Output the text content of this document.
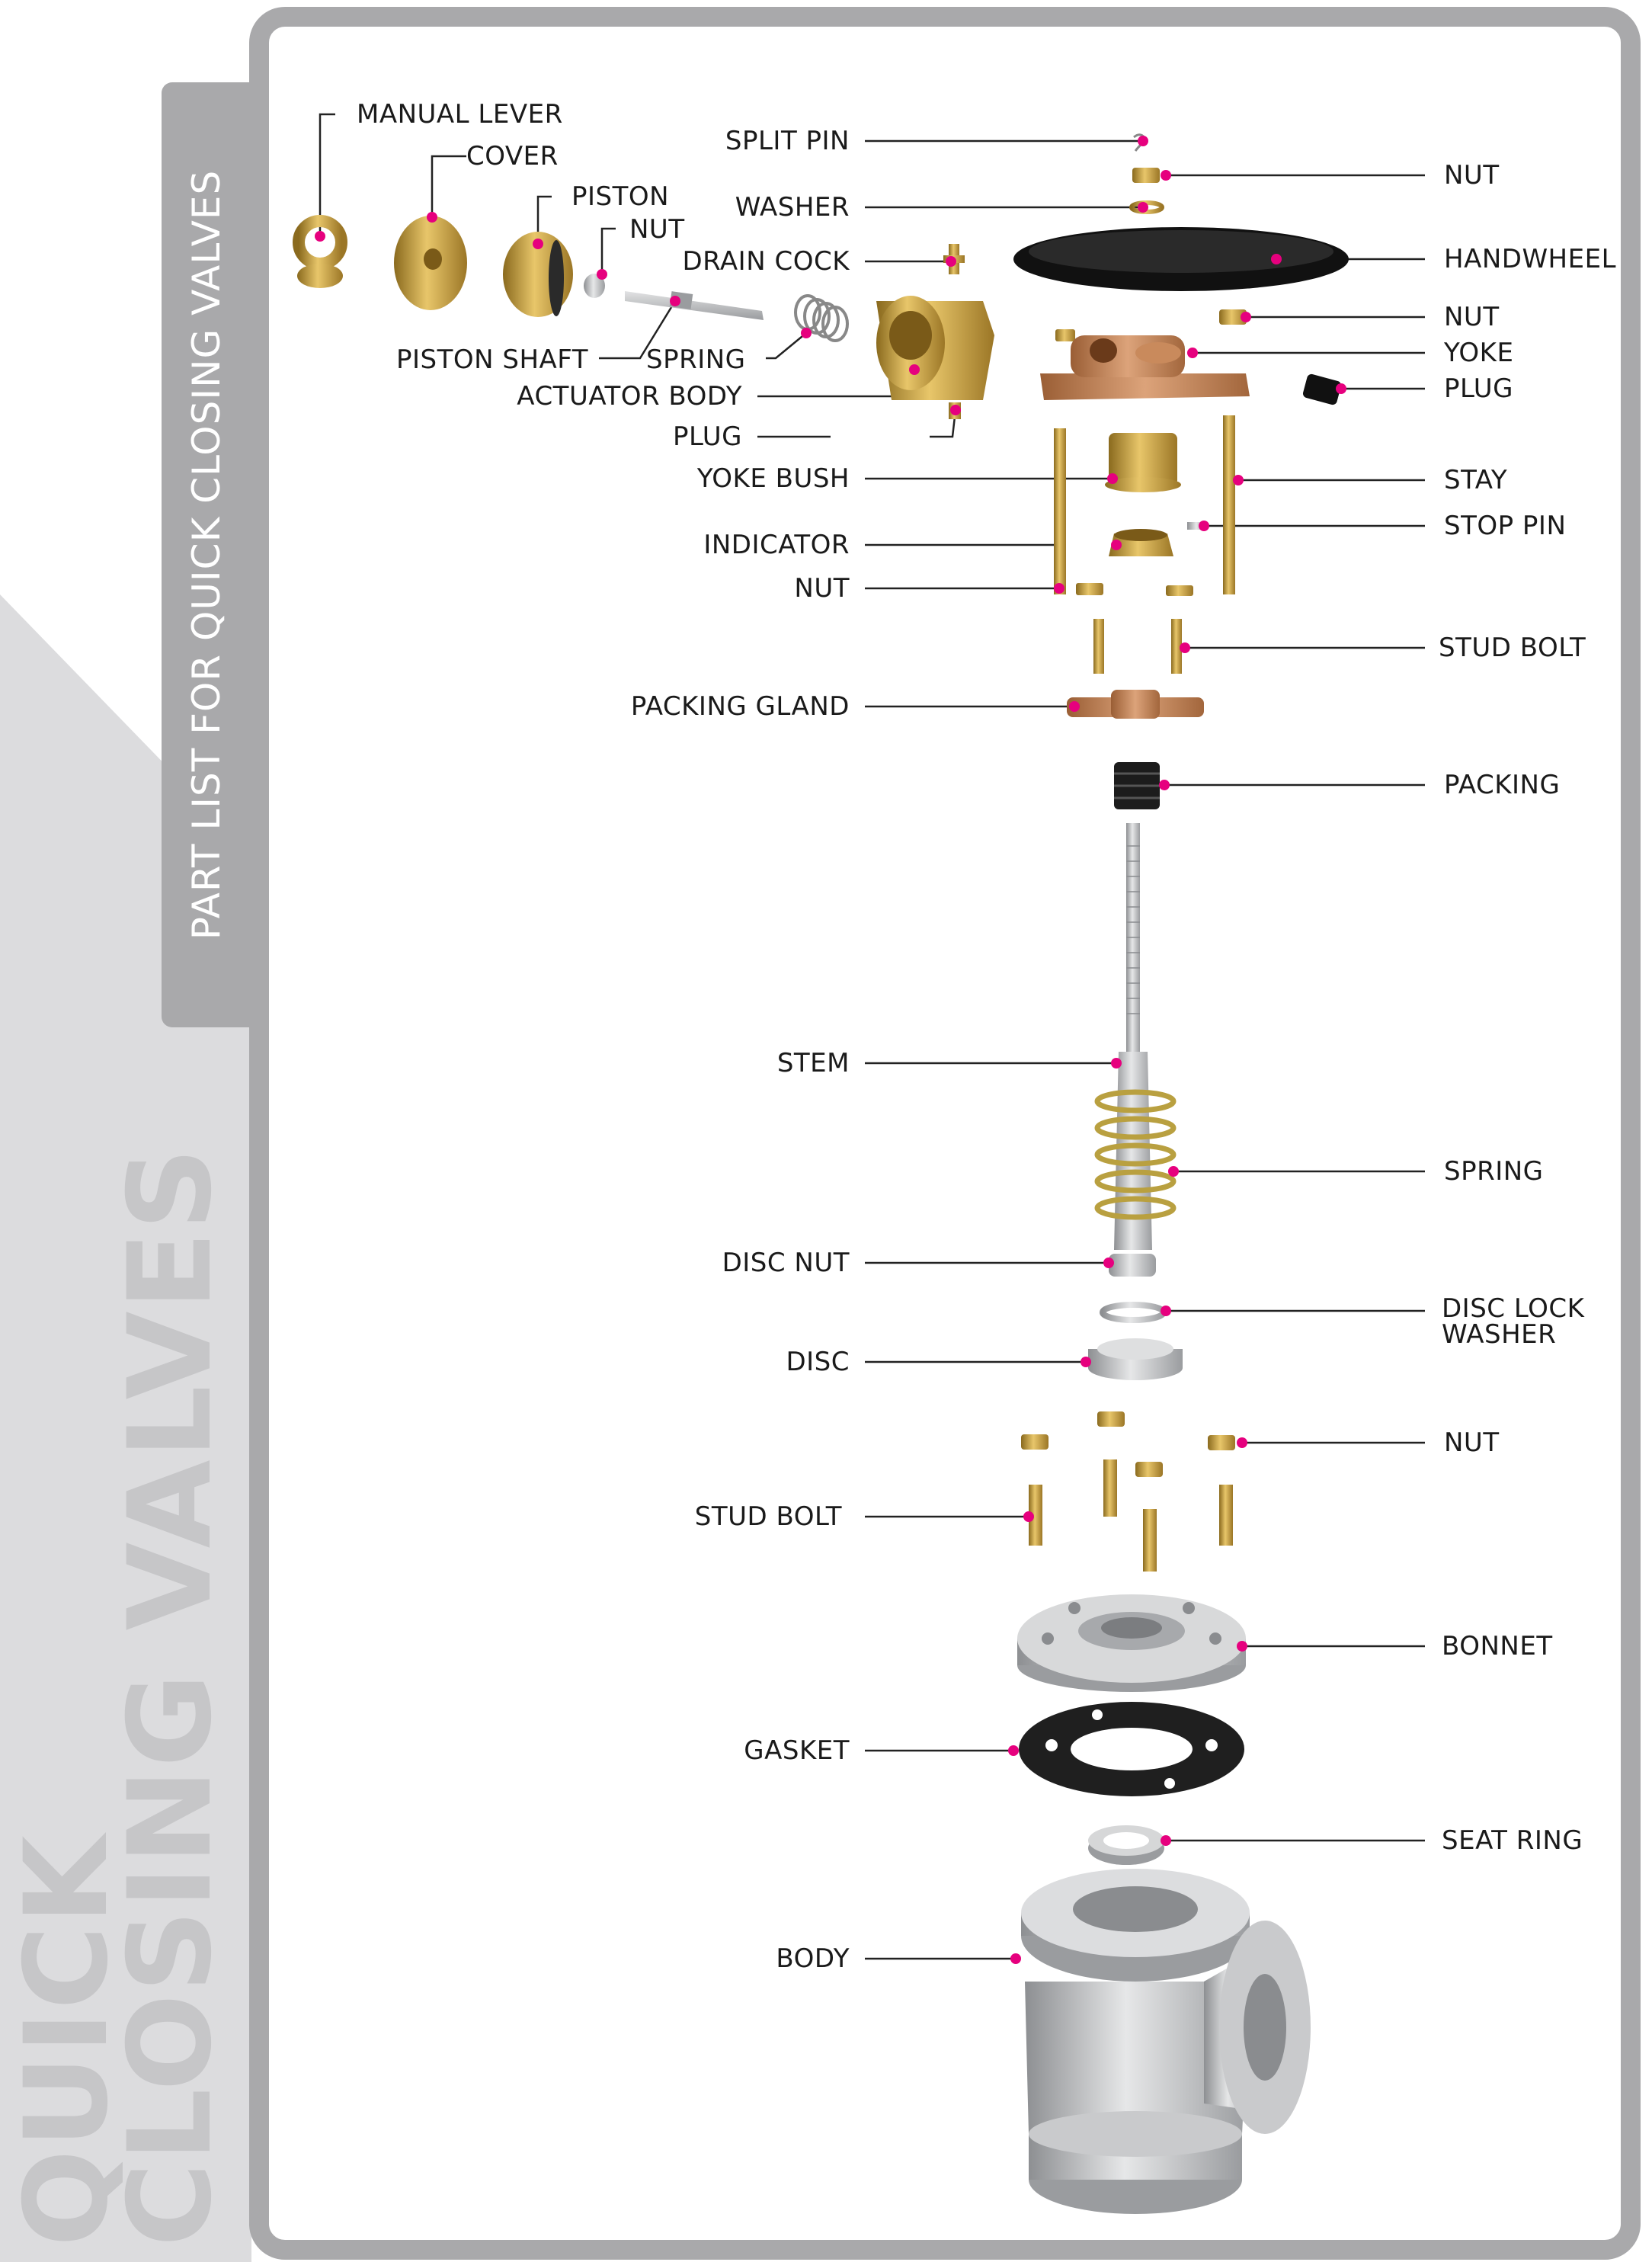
PART LIST FOR QUICK CLOSING VALVES
QUICK
CLOSING VALVES
MANUAL LEVER
COVER
PISTON
NUT
PISTON SHAFT SPRING
ACTUATOR BODY
PLUG
SPLIT PIN
WASHER
DRAIN COCK
YOKE BUSH
INDICATOR
NUT
PACKING GLAND
STEM
DISC NUT
DISC
STUD BOLT
GASKET
BODY
NUT
HANDWHEEL
NUT
YOKE
PLUG
STAY
STOP PIN
STUD BOLT
PACKING
SPRING
DISC LOCK
WASHER
NUT
BONNET
SEAT RING
